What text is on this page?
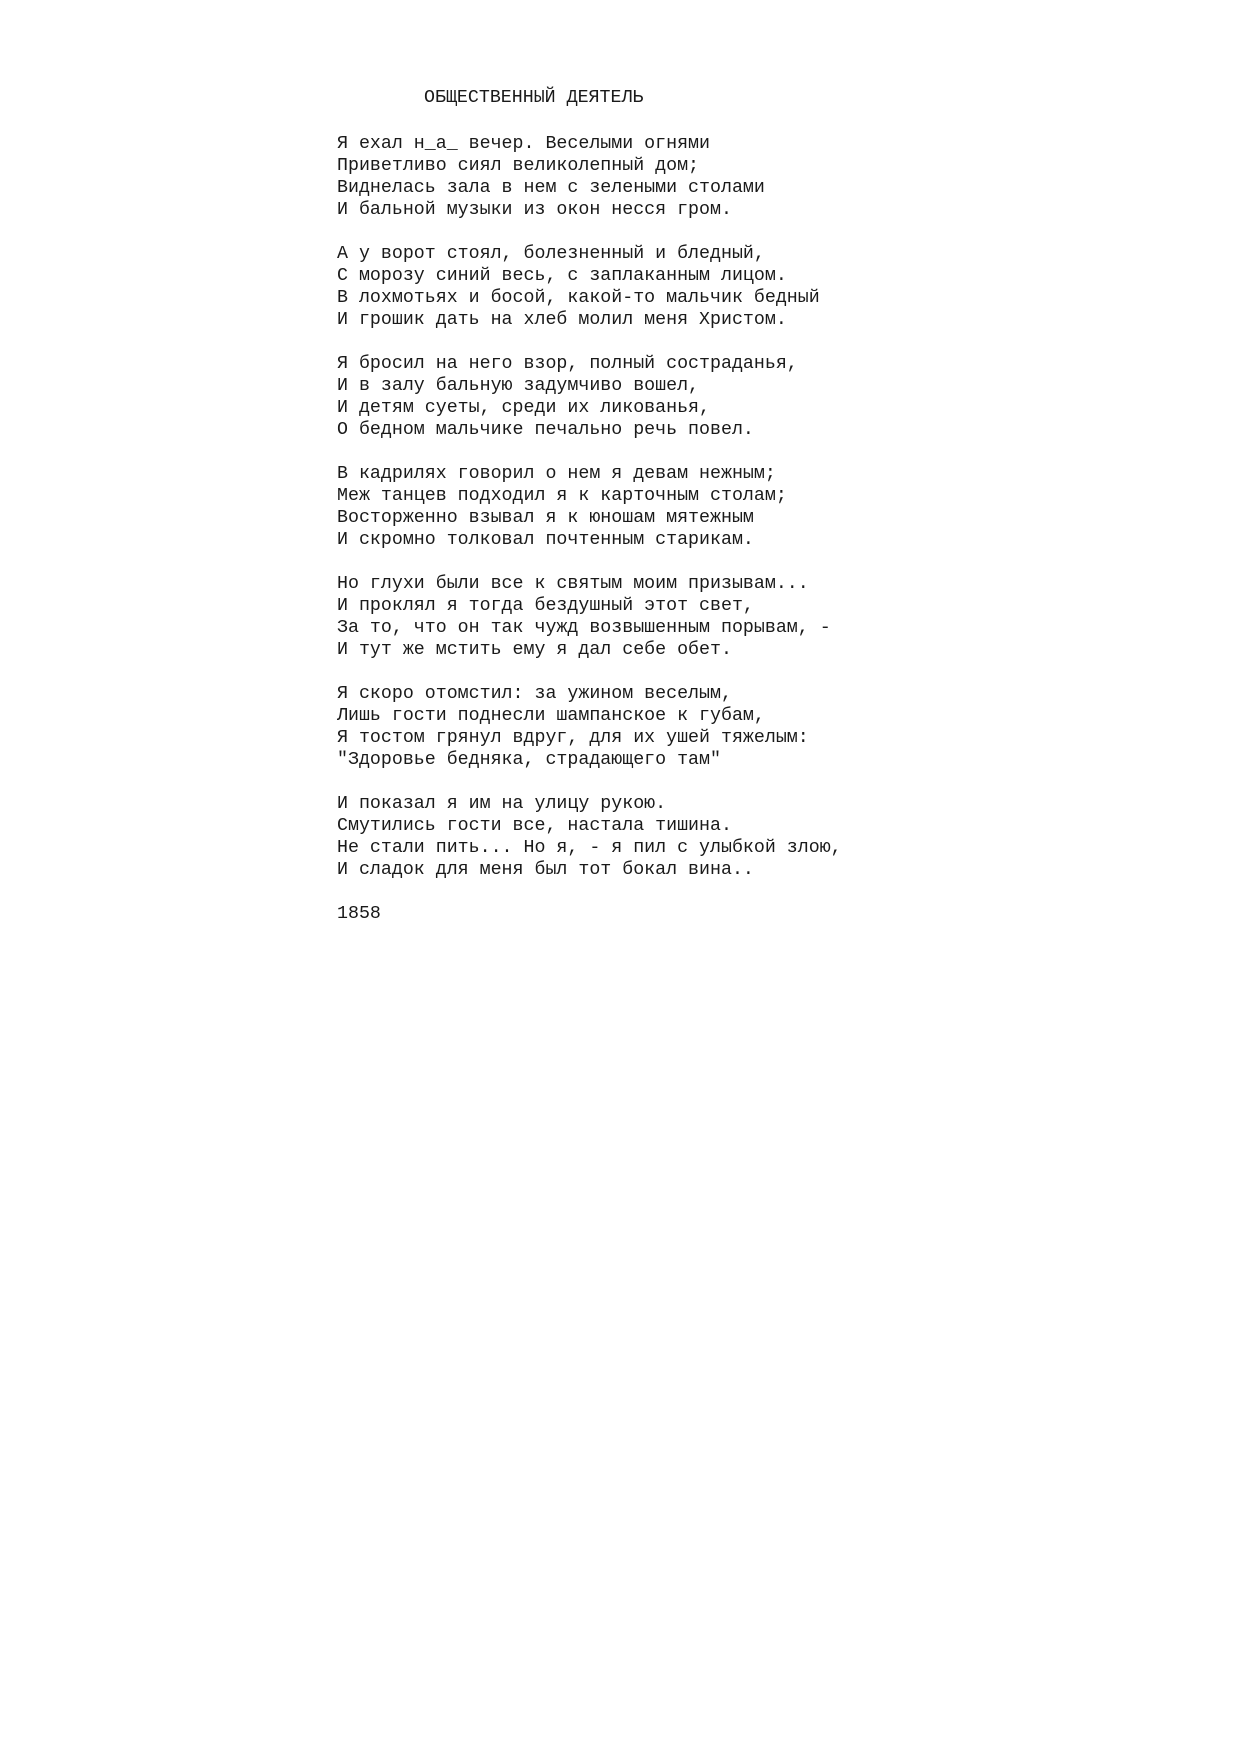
ОБЩЕСТВЕННЫЙ ДЕЯТЕЛЬ
Я ехал н_а_ вечер. Веселыми огнями
Приветливо сиял великолепный дом;
Виднелась зала в нем с зелеными столами
И бальной музыки из окон несся гром.
А у ворот стоял, болезненный и бледный,
С морозу синий весь, с заплаканным лицом.
В лохмотьях и босой, какой-то мальчик бедный
И грошик дать на хлеб молил меня Христом.
Я бросил на него взор, полный состраданья,
И в залу бальную задумчиво вошел,
И детям суеты, среди их ликованья,
О бедном мальчике печально речь повел.
В кадрилях говорил о нем я девам нежным;
Меж танцев подходил я к карточным столам;
Восторженно взывал я к юношам мятежным
И скромно толковал почтенным старикам.
Но глухи были все к святым моим призывам...
И проклял я тогда бездушный этот свет,
За то, что он так чужд возвышенным порывам, -
И тут же мстить ему я дал себе обет.
Я скоро отомстил: за ужином веселым,
Лишь гости поднесли шампанское к губам,
Я тостом грянул вдруг, для их ушей тяжелым:
"Здоровье бедняка, страдающего там"
И показал я им на улицу рукою.
Смутились гости все, настала тишина.
Не стали пить... Но я, - я пил с улыбкой злою,
И сладок для меня был тот бокал вина..
1858
